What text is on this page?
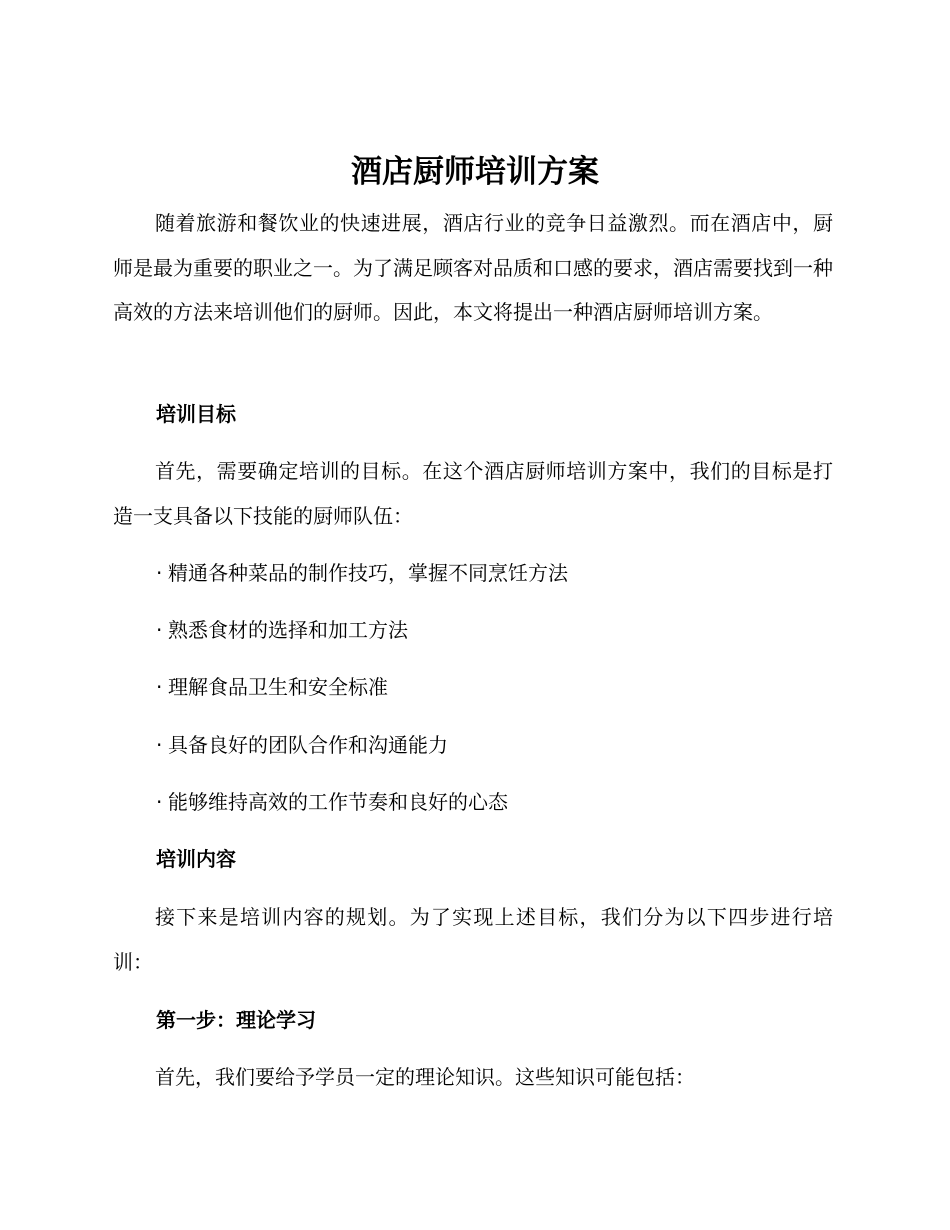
酒店厨师培训方案

随着旅游和餐饮业的快速进展，酒店行业的竞争日益激烈。而在酒店中，厨师是最为重要的职业之一。为了满足顾客对品质和口感的要求，酒店需要找到一种高效的方法来培训他们的厨师。因此，本文将提出一种酒店厨师培训方案。

培训目标

首先，需要确定培训的目标。在这个酒店厨师培训方案中，我们的目标是打造一支具备以下技能的厨师队伍：

· 精通各种菜品的制作技巧，掌握不同烹饪方法
· 熟悉食材的选择和加工方法
· 理解食品卫生和安全标准
· 具备良好的团队合作和沟通能力
· 能够维持高效的工作节奏和良好的心态
培训内容

接下来是培训内容的规划。为了实现上述目标，我们分为以下四步进行培训：

第一步：理论学习

首先，我们要给予学员一定的理论知识。这些知识可能包括：
